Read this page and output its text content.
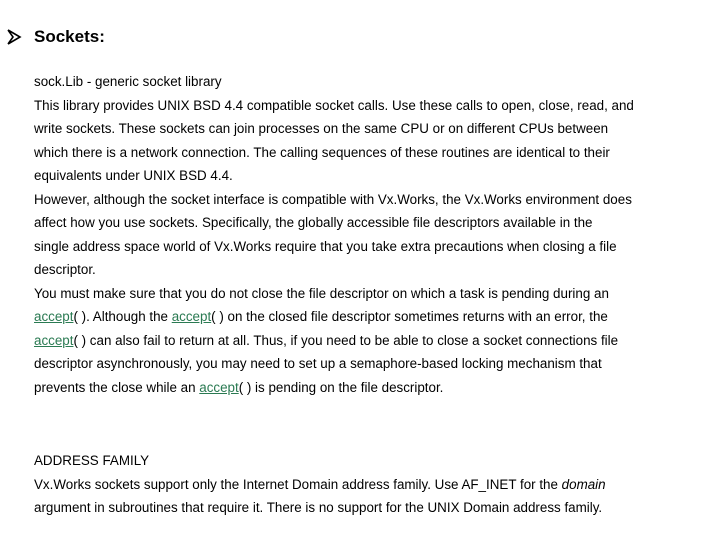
Sockets:
sock.Lib - generic socket library
This library provides UNIX BSD 4.4 compatible socket calls. Use these calls to open, close, read, and
write sockets. These sockets can join processes on the same CPU or on different CPUs between
which there is a network connection. The calling sequences of these routines are identical to their
equivalents under UNIX BSD 4.4.
However, although the socket interface is compatible with Vx.Works, the Vx.Works environment does
affect how you use sockets. Specifically, the globally accessible file descriptors available in the
single address space world of Vx.Works require that you take extra precautions when closing a file
descriptor.
You must make sure that you do not close the file descriptor on which a task is pending during an
accept( ). Although the accept( ) on the closed file descriptor sometimes returns with an error, the
accept( ) can also fail to return at all. Thus, if you need to be able to close a socket connections file
descriptor asynchronously, you may need to set up a semaphore-based locking mechanism that
prevents the close while an accept( ) is pending on the file descriptor.
ADDRESS FAMILY
Vx.Works sockets support only the Internet Domain address family. Use AF_INET for the domain
argument in subroutines that require it. There is no support for the UNIX Domain address family.
